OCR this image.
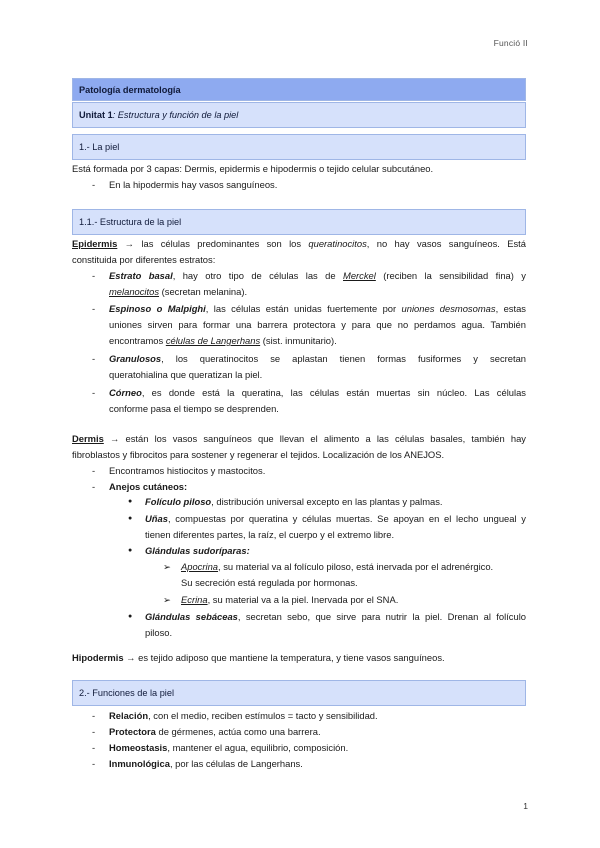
Funció II
Patología dermatología
Unitat 1 : Estructura y función de la piel
1.- La piel
Está formada por 3 capas: Dermis, epidermis e hipodermis o tejido celular subcutáneo.
- En la hipodermis hay vasos sanguíneos.
1.1.- Estructura de la piel
Epidermis → las células predominantes son los queratinocitos, no hay vasos sanguíneos. Está
constituida por diferentes estratos:
- Estrato basal, hay otro tipo de células las de Merckel (reciben la sensibilidad fina) y
melanocitos (secretan melanina).
- Espinoso o Malpighi, las células están unidas fuertemente por uniones desmosomas, estas
uniones sirven para formar una barrera protectora y para que no perdamos agua. También
encontramos células de Langerhans (sist. inmunitario).
- Granulosos, los queratinocitos se aplastan tienen formas fusiformes y secretan
queratohialina que queratizan la piel.
- Córneo, es donde está la queratina, las células están muertas sin núcleo. Las células
conforme pasa el tiempo se desprenden.
Dermis → están los vasos sanguíneos que llevan el alimento a las células basales, también hay
fibroblastos y fibrocitos para sostener y regenerar el tejidos. Localización de los ANEJOS.
- Encontramos histiocitos y mastocitos.
- Anejos cutáneos:
● Folículo piloso, distribución universal excepto en las plantas y palmas.
● Uñas, compuestas por queratina y células muertas. Se apoyan en el lecho ungueal y
tienen diferentes partes, la raíz, el cuerpo y el extremo libre.
● Glándulas sudoríparas:
➢ Apocrina, su material va al folículo piloso, está inervada por el adrenérgico.
Su secreción está regulada por hormonas.
➢ Ecrina, su material va a la piel. Inervada por el SNA.
● Glándulas sebáceas, secretan sebo, que sirve para nutrir la piel. Drenan al folículo
piloso.
Hipodermis → es tejido adiposo que mantiene la temperatura, y tiene vasos sanguíneos.
2.- Funciones de la piel
- Relación, con el medio, reciben estímulos = tacto y sensibilidad.
- Protectora de gérmenes, actúa como una barrera.
- Homeostasis, mantener el agua, equilibrio, composición.
- Inmunológica, por las células de Langerhans.
1
